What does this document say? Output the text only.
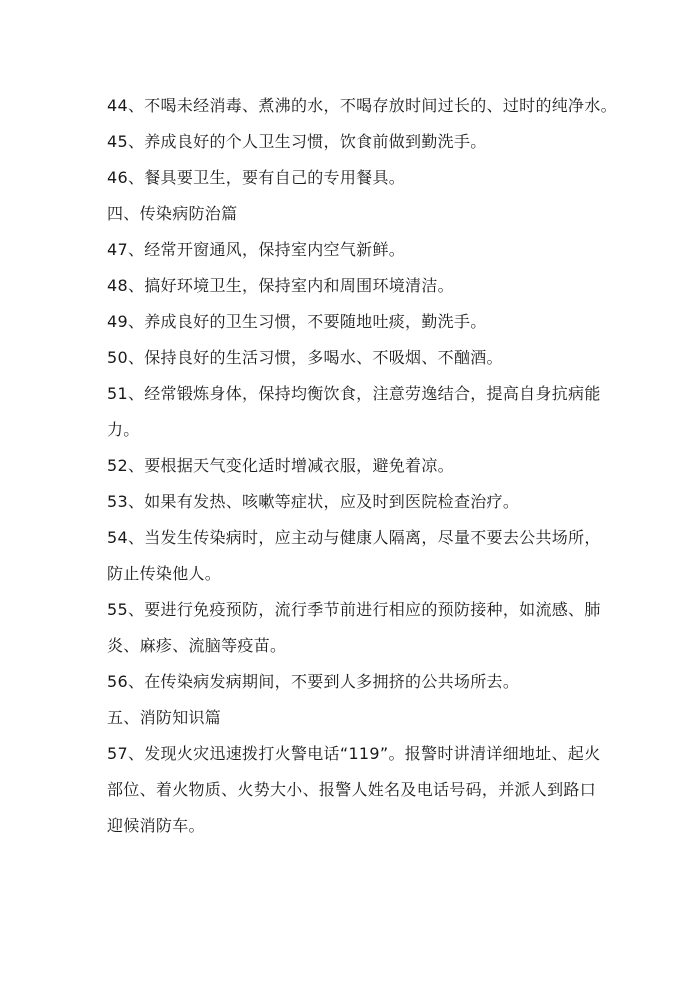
44、不喝未经消毒、煮沸的水，不喝存放时间过长的、过时的纯净水。

45、养成良好的个人卫生习惯，饮食前做到勤洗手。

46、餐具要卫生，要有自己的专用餐具。

四、传染病防治篇

47、经常开窗通风，保持室内空气新鲜。

48、搞好环境卫生，保持室内和周围环境清洁。

49、养成良好的卫生习惯，不要随地吐痰，勤洗手。

50、保持良好的生活习惯，多喝水、不吸烟、不酗酒。

51、经常锻炼身体，保持均衡饮食，注意劳逸结合，提高自身抗病能

力。

52、要根据天气变化适时增减衣服，避免着凉。

53、如果有发热、咳嗽等症状，应及时到医院检查治疗。

54、当发生传染病时，应主动与健康人隔离，尽量不要去公共场所，

防止传染他人。

55、要进行免疫预防，流行季节前进行相应的预防接种，如流感、肺

炎、麻疹、流脑等疫苗。

56、在传染病发病期间，不要到人多拥挤的公共场所去。

五、消防知识篇

57、发现火灾迅速拨打火警电话“119”。报警时讲清详细地址、起火

部位、着火物质、火势大小、报警人姓名及电话号码，并派人到路口

迎候消防车。
